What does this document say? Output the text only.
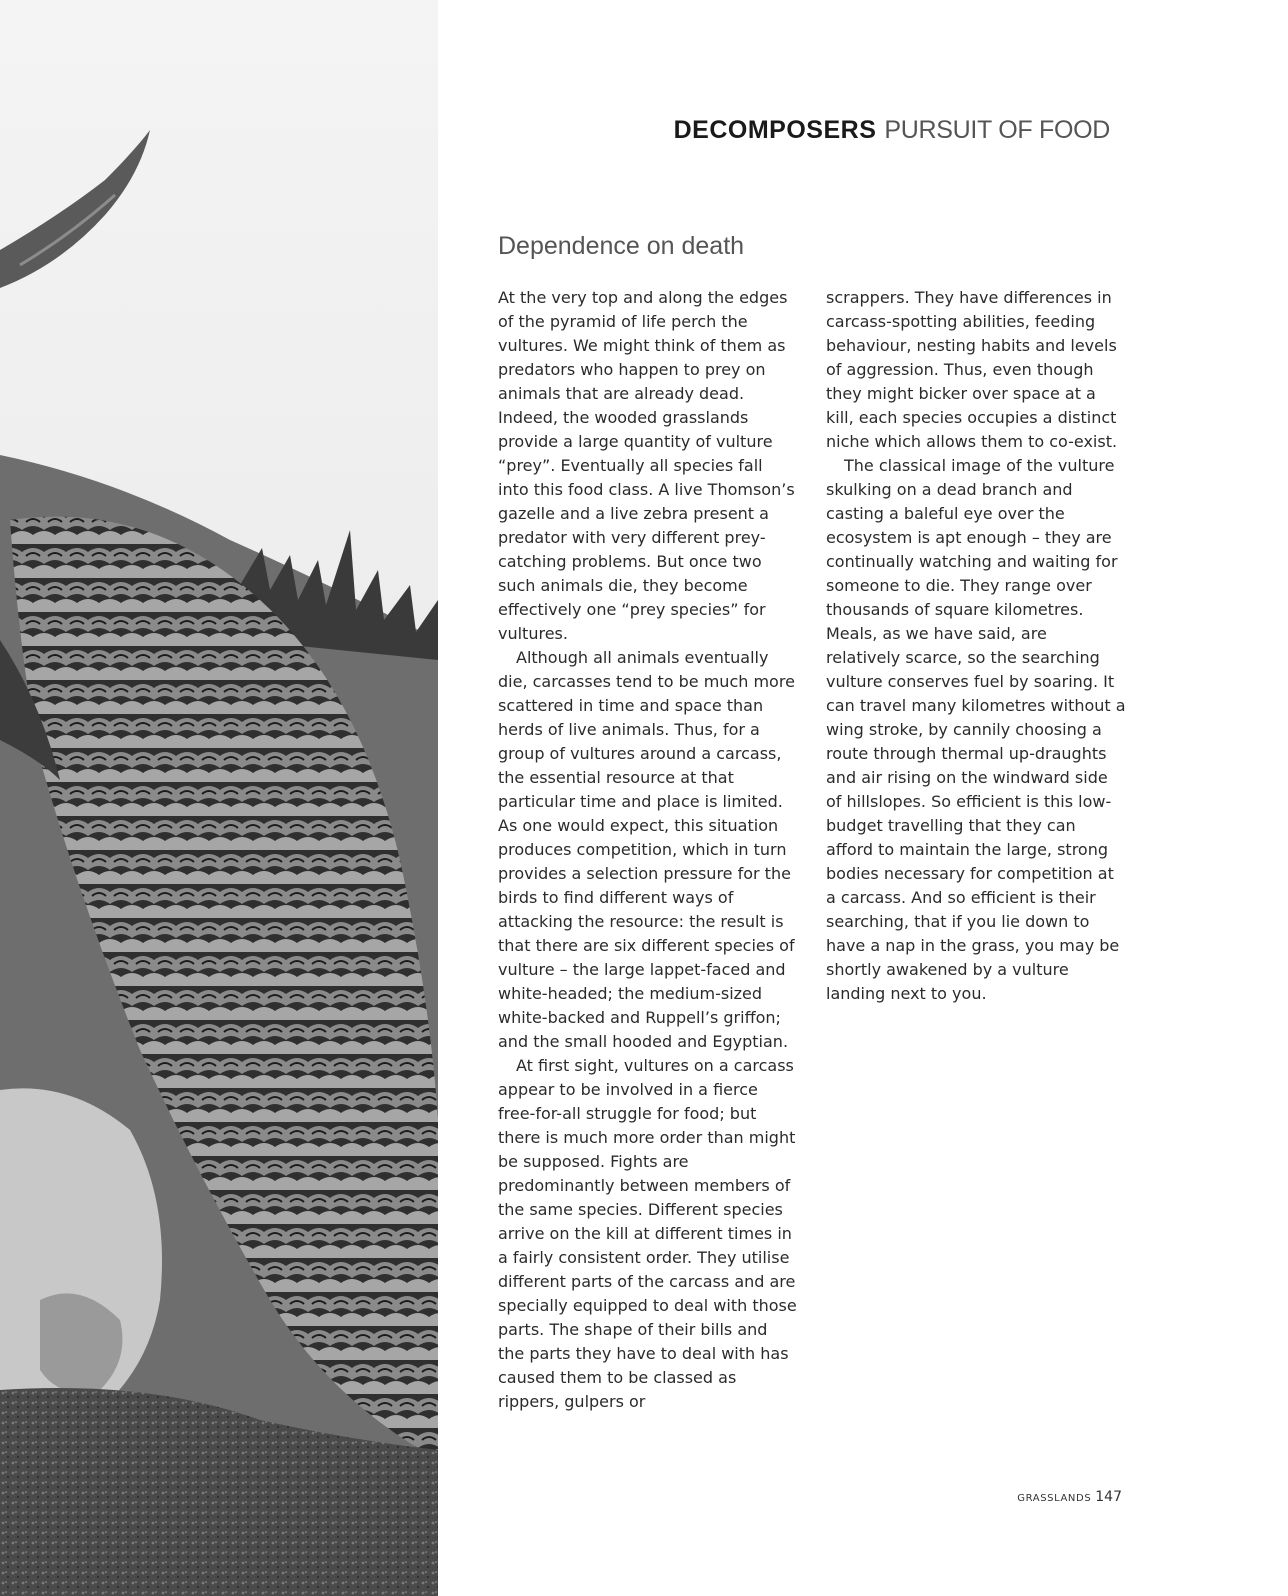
DECOMPOSERS PURSUIT OF FOOD
Dependence on death

At the very top and along the edges of the pyramid of life perch the vultures. We might think of them as predators who happen to prey on animals that are already dead. Indeed, the wooded grasslands provide a large quantity of vulture “prey”. Eventually all species fall into this food class. A live Thomson’s gazelle and a live zebra present a predator with very different prey-catching problems. But once two such animals die, they become effectively one “prey species” for vultures.

Although all animals eventually die, carcasses tend to be much more scattered in time and space than herds of live animals. Thus, for a group of vultures around a carcass, the essential resource at that particular time and place is limited. As one would expect, this situation produces competition, which in turn provides a selection pressure for the birds to find different ways of attacking the resource: the result is that there are six different species of vulture – the large lappet-faced and white-headed; the medium-sized white-backed and Ruppell’s griffon; and the small hooded and Egyptian.

At first sight, vultures on a carcass appear to be involved in a fierce free-for-all struggle for food; but there is much more order than might be supposed. Fights are predominantly between members of the same species. Different species arrive on the kill at different times in a fairly consistent order. They utilise different parts of the carcass and are specially equipped to deal with those parts. The shape of their bills and the parts they have to deal with has caused them to be classed as rippers, gulpers or

scrappers. They have differences in carcass-spotting abilities, feeding behaviour, nesting habits and levels of aggression. Thus, even though they might bicker over space at a kill, each species occupies a distinct niche which allows them to co-exist.

The classical image of the vulture skulking on a dead branch and casting a baleful eye over the ecosystem is apt enough – they are continually watching and waiting for someone to die. They range over thousands of square kilometres. Meals, as we have said, are relatively scarce, so the searching vulture conserves fuel by soaring. It can travel many kilometres without a wing stroke, by cannily choosing a route through thermal up-draughts and air rising on the windward side of hillslopes. So efficient is this low-budget travelling that they can afford to maintain the large, strong bodies necessary for competition at a carcass. And so efficient is their searching, that if you lie down to have a nap in the grass, you may be shortly awakened by a vulture landing next to you.

GRASSLANDS 147
